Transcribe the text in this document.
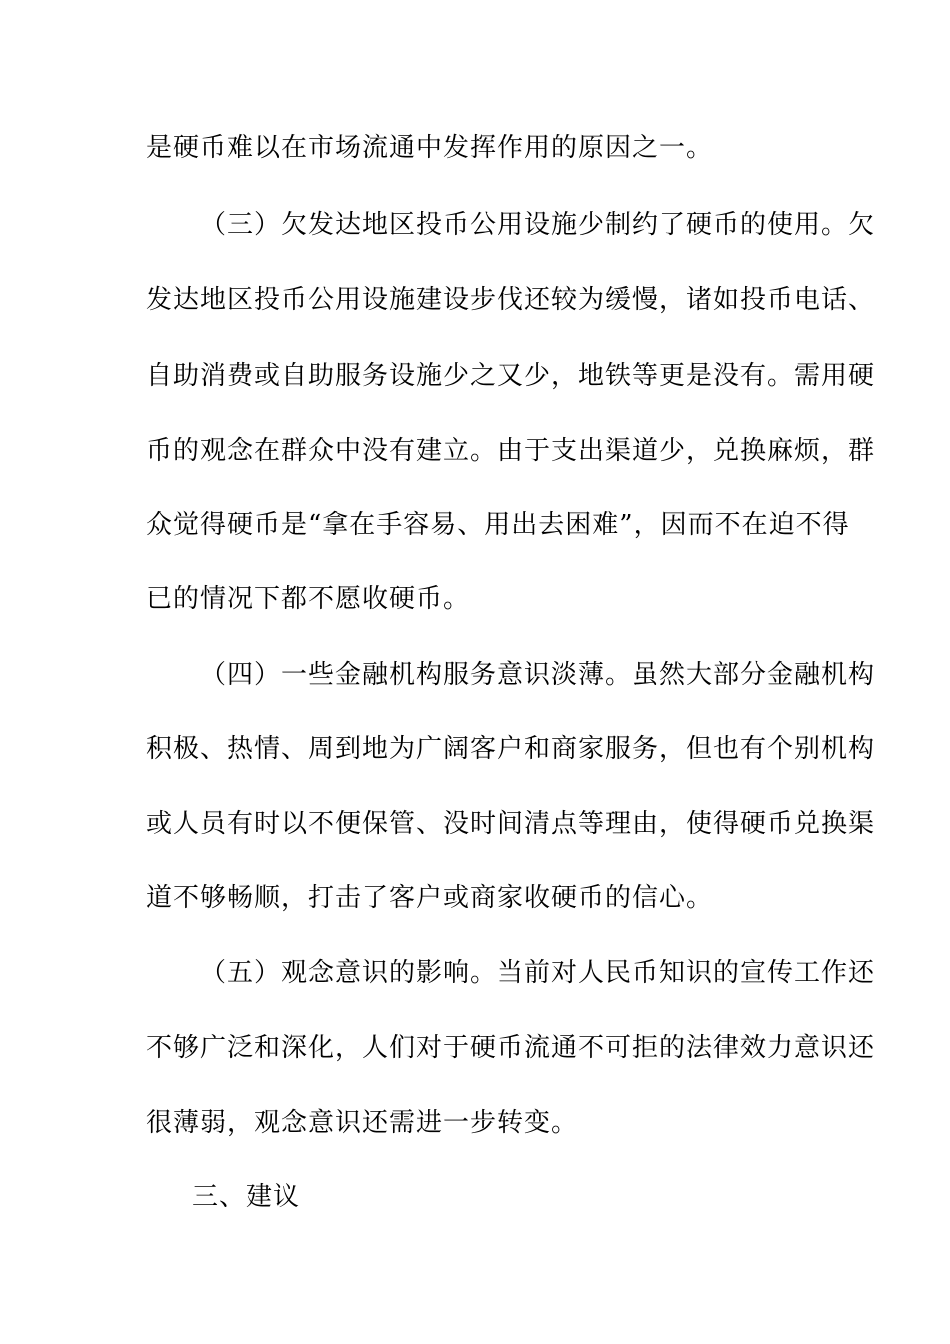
是硬币难以在市场流通中发挥作用的原因之一。
（三）欠发达地区投币公用设施少制约了硬币的使用。欠
发达地区投币公用设施建设步伐还较为缓慢，诸如投币电话、
自助消费或自助服务设施少之又少，地铁等更是没有。需用硬
币的观念在群众中没有建立。由于支出渠道少，兑换麻烦，群
众觉得硬币是“拿在手容易、用出去困难”，因而不在迫不得
已的情况下都不愿收硬币。
（四）一些金融机构服务意识淡薄。虽然大部分金融机构
积极、热情、周到地为广阔客户和商家服务，但也有个别机构
或人员有时以不便保管、没时间清点等理由，使得硬币兑换渠
道不够畅顺，打击了客户或商家收硬币的信心。
（五）观念意识的影响。当前对人民币知识的宣传工作还
不够广泛和深化，人们对于硬币流通不可拒的法律效力意识还
很薄弱，观念意识还需进一步转变。
三、建议
